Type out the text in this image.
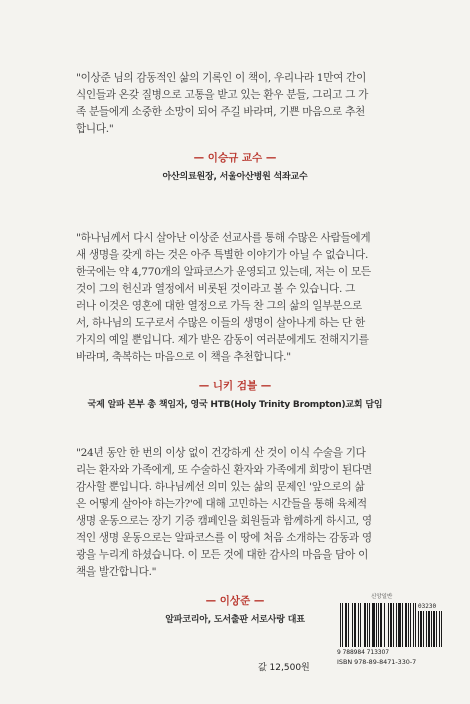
"이상준 님의 감동적인 삶의 기록인 이 책이, 우리나라 1만여 간이
식인들과 온갖 질병으로 고통을 받고 있는 환우 분들, 그리고 그 가
족 분들에게 소중한 소망이 되어 주길 바라며, 기쁜 마음으로 추천
합니다."

— 이승규 교수 —
아산의료원장, 서울아산병원 석좌교수

"하나님께서 다시 살아난 이상준 선교사를 통해 수많은 사람들에게
새 생명을 갖게 하는 것은 아주 특별한 이야기가 아닐 수 없습니다.
한국에는 약 4,770개의 알파코스가 운영되고 있는데, 저는 이 모든
것이 그의 헌신과 열정에서 비롯된 것이라고 볼 수 있습니다. 그
러나 이것은 영혼에 대한 열정으로 가득 찬 그의 삶의 일부분으로
서, 하나님의 도구로서 수많은 이들의 생명이 살아나게 하는 단 한
가지의 예일 뿐입니다. 제가 받은 감동이 여러분에게도 전해지기를
바라며, 축복하는 마음으로 이 책을 추천합니다."

— 니키 검블 —
국제 알파 본부 총 책임자, 영국 HTB(Holy Trinity Brompton)교회 담임

"24년 동안 한 번의 이상 없이 건강하게 산 것이 이식 수술을 기다
리는 환자와 가족에게, 또 수술하신 환자와 가족에게 희망이 된다면
감사할 뿐입니다. 하나님께선 의미 있는 삶의 문제인 '앞으로의 삶
은 어떻게 살아야 하는가?'에 대해 고민하는 시간들을 통해 육체적
생명 운동으로는 장기 기증 캠페인을 회원들과 함께하게 하시고, 영
적인 생명 운동으로는 알파코스를 이 땅에 처음 소개하는 감동과 영
광을 누리게 하셨습니다. 이 모든 것에 대한 감사의 마음을 담아 이
책을 발간합니다."

— 이상준 —
알파코리아, 도서출판 서로사랑 대표
신앙일반
03230
9 788984 713307
ISBN 978-89-8471-330-7
값 12,500원
